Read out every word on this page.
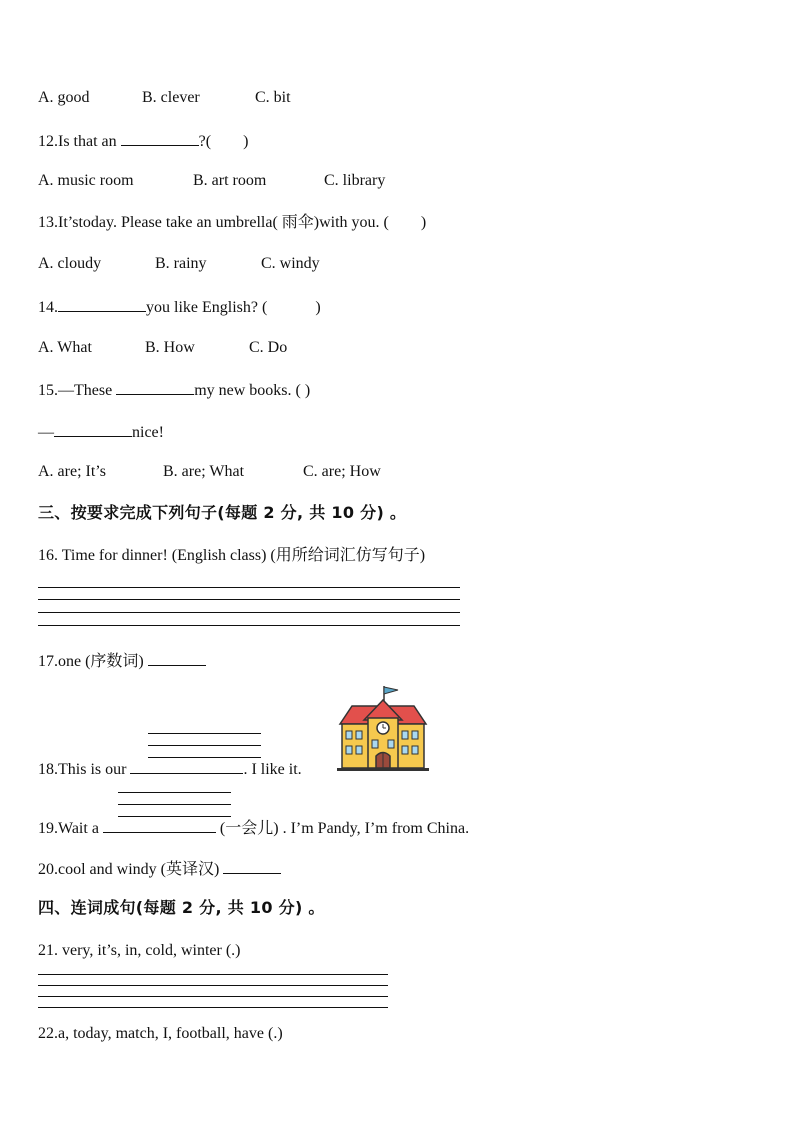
A. good	B. clever	C. bit
12.Is that an	?(　　)
A. music room	B. art room	C. library
13.It’stoday. Please take an umbrella( 雨伞)with you. (　　)
A. cloudy	B. rainy	C. windy
14.	you like English? (　　　)
A. What	B. How	C. Do
15.—These	my new books. ( )
—	nice!
A. are; It’s	B. are; What	C. are; How
三、按要求完成下列句子(每题 2 分, 共 10 分) 。
16. Time for dinner! (English class) (用所给词汇仿写句子)
17.one (序数词)
18.This is our	. I like it.
19.Wait a	(一会儿) . I’m Pandy, I’m from China.
20.cool and windy (英译汉)
四、连词成句(每题 2 分, 共 10 分) 。
21. very, it’s, in, cold, winter (.)
22.a, today, match, I, football, have (.)
